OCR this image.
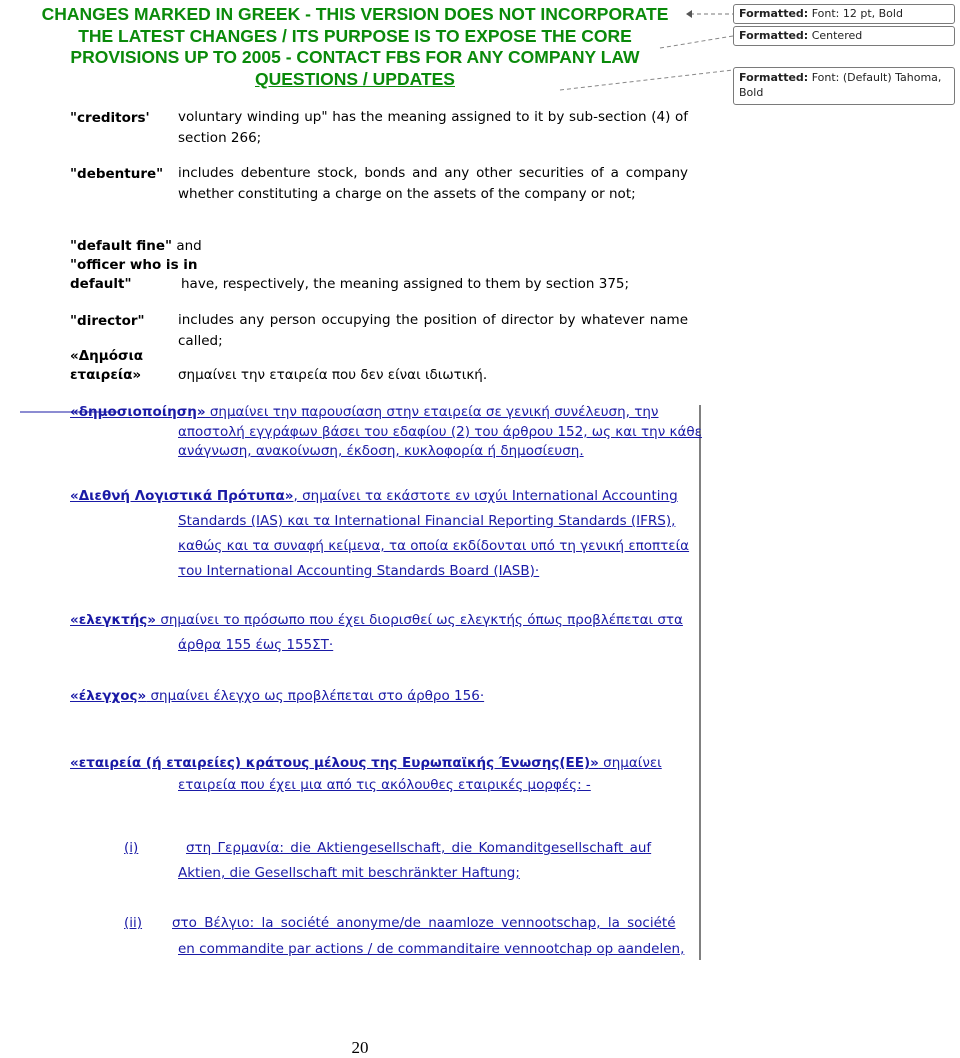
CHANGES MARKED IN GREEK - THIS VERSION DOES NOT INCORPORATE
THE LATEST CHANGES / ITS PURPOSE IS TO EXPOSE THE CORE
PROVISIONS UP TO 2005 - CONTACT FBS FOR ANY COMPANY LAW
QUESTIONS / UPDATES
Formatted: Font: 12 pt, Bold
Formatted: Centered
Formatted: Font: (Default) Tahoma, Bold
"creditors' voluntary winding up" has the meaning assigned to it by sub-section (4) of section 266;
"debenture" includes debenture stock, bonds and any other securities of a company whether constituting a charge on the assets of the company or not;
"default fine" and
"officer who is in
default"	have, respectively, the meaning assigned to them by section 375;
"director" includes any person occupying the position of director by whatever name called;
«Δημόσια
εταιρεία»	σημαίνει την εταιρεία που δεν είναι ιδιωτική.
«δημοσιοποίηση» σημαίνει την παρουσίαση στην εταιρεία σε γενική συνέλευση, την
αποστολή εγγράφων βάσει του εδαφίου (2) του άρθρου 152, ως και την κάθε
ανάγνωση, ανακοίνωση, έκδοση, κυκλοφορία ή δημοσίευση.
«Διεθνή Λογιστικά Πρότυπα», σημαίνει τα εκάστοτε εν ισχύι International Accounting
Standards (IAS) και τα International Financial Reporting Standards (IFRS),
καθώς και τα συναφή κείμενα, τα οποία εκδίδονται υπό τη γενική εποπτεία
του International Accounting Standards Board (IASB)·
«ελεγκτής» σημαίνει το πρόσωπο που έχει διορισθεί ως ελεγκτής όπως προβλέπεται στα
άρθρα 155 έως 155ΣΤ·
«έλεγχος» σημαίνει έλεγχο ως προβλέπεται στο άρθρο 156·
«εταιρεία (ή εταιρείες) κράτους μέλους της Ευρωπαϊκής Ένωσης(ΕΕ)» σημαίνει
εταιρεία που έχει μια από τις ακόλουθες εταιρικές μορφές: -
(i)	στη Γερμανία: die Aktiengesellschaft, die Komanditgesellschaft auf
Aktien, die Gesellschaft mit beschränkter Haftung;
(ii) στο Βέλγιο: la société anonyme/de naamloze vennootschap, la société
en commandite par actions / de commanditaire vennootchap op aandelen,
20
